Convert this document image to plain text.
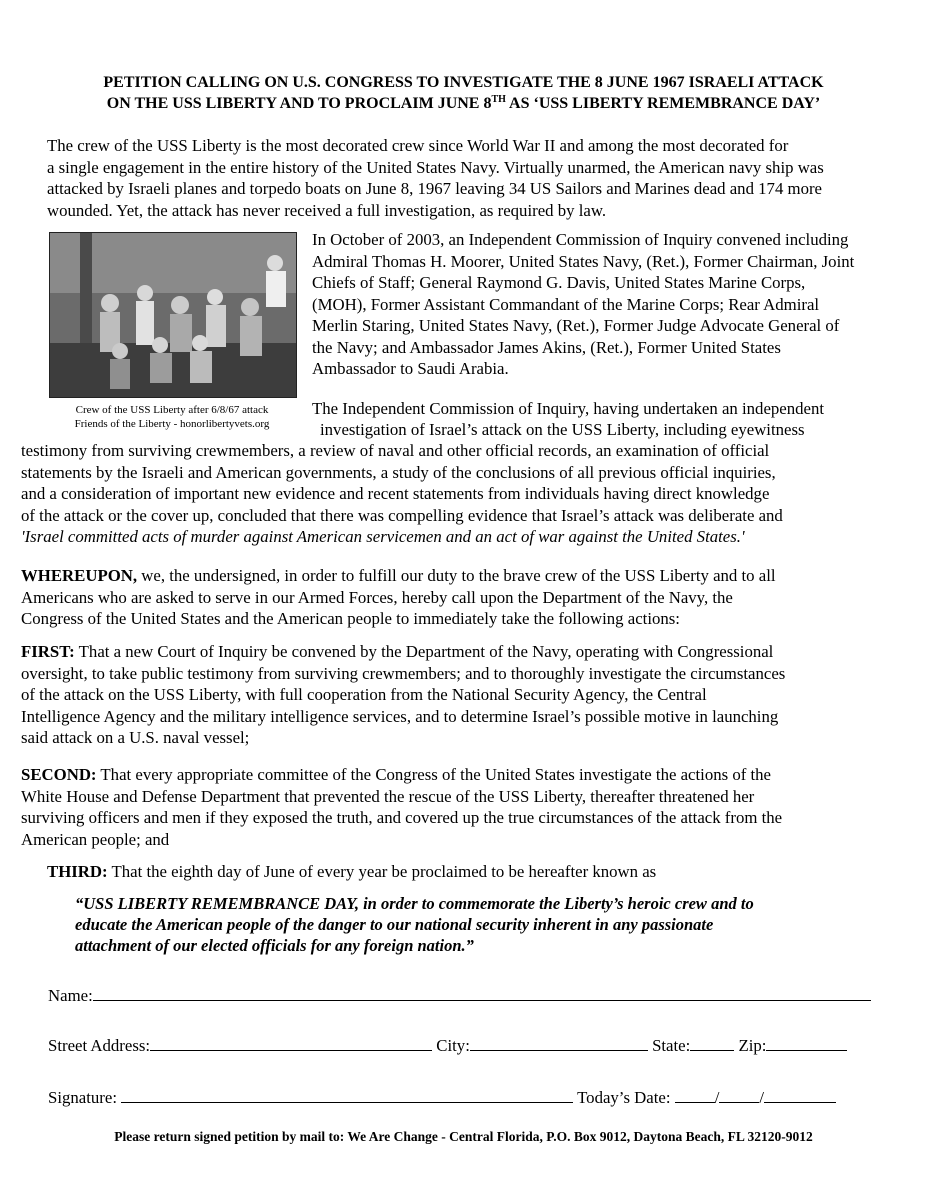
PETITION CALLING ON U.S. CONGRESS TO INVESTIGATE THE 8 JUNE 1967 ISRAELI ATTACK
ON THE USS LIBERTY AND TO PROCLAIM JUNE 8TH AS ‘USS LIBERTY REMEMBRANCE DAY’
The crew of the USS Liberty is the most decorated crew since World War II and among the most decorated for
a single engagement in the entire history of the United States Navy. Virtually unarmed, the American navy ship was
attacked by Israeli planes and torpedo boats on June 8, 1967 leaving 34 US Sailors and Marines dead and 174 more
wounded. Yet, the attack has never received a full investigation, as required by law.
Crew of the USS Liberty after 6/8/67 attack
Friends of the Liberty - honorlibertyvets.org
In October of 2003, an Independent Commission of Inquiry convened including
Admiral Thomas H. Moorer, United States Navy, (Ret.), Former Chairman, Joint
Chiefs of Staff; General Raymond G. Davis, United States Marine Corps,
(MOH), Former Assistant Commandant of the Marine Corps; Rear Admiral
Merlin Staring, United States Navy, (Ret.), Former Judge Advocate General of
the Navy; and Ambassador James Akins, (Ret.), Former United States
Ambassador to Saudi Arabia.
The Independent Commission of Inquiry, having undertaken an independent
investigation of Israel’s attack on the USS Liberty, including eyewitness
testimony from surviving crewmembers, a review of naval and other official records, an examination of official
statements by the Israeli and American governments, a study of the conclusions of all previous official inquiries,
and a consideration of important new evidence and recent statements from individuals having direct knowledge
of the attack or the cover up, concluded that there was compelling evidence that Israel’s attack was deliberate and
'Israel committed acts of murder against American servicemen and an act of war against the United States.'
WHEREUPON, we, the undersigned, in order to fulfill our duty to the brave crew of the USS Liberty and to all
Americans who are asked to serve in our Armed Forces, hereby call upon the Department of the Navy, the
Congress of the United States and the American people to immediately take the following actions:
FIRST: That a new Court of Inquiry be convened by the Department of the Navy, operating with Congressional
oversight, to take public testimony from surviving crewmembers; and to thoroughly investigate the circumstances
of the attack on the USS Liberty, with full cooperation from the National Security Agency, the Central
Intelligence Agency and the military intelligence services, and to determine Israel’s possible motive in launching
said attack on a U.S. naval vessel;
SECOND: That every appropriate committee of the Congress of the United States investigate the actions of the
White House and Defense Department that prevented the rescue of the USS Liberty, thereafter threatened her
surviving officers and men if they exposed the truth, and covered up the true circumstances of the attack from the
American people; and
THIRD: That the eighth day of June of every year be proclaimed to be hereafter known as
“USS LIBERTY REMEMBRANCE DAY, in order to commemorate the Liberty’s heroic crew and to
educate the American people of the danger to our national security inherent in any passionate
attachment of our elected officials for any foreign nation.”
Name:
Street Address:	City:	State:	Zip:
Signature:	Today’s Date:	/ /
Please return signed petition by mail to: We Are Change - Central Florida, P.O. Box 9012, Daytona Beach, FL 32120-9012
